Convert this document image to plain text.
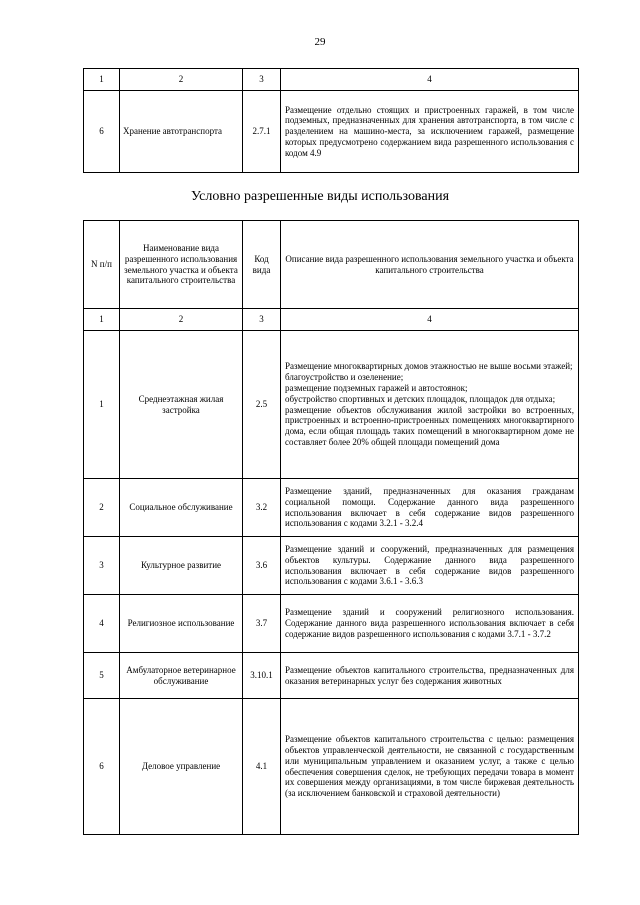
29
1	2	3	4
6	Хранение автотранспорта	2.7.1	Размещение отдельно стоящих и пристроенных гаражей, в том числе подземных, предназначенных для хранения автотранспорта, в том числе с разделением на машино-места, за исключением гаражей, размещение которых предусмотрено содержанием вида разрешенного использования с кодом 4.9
Условно разрешенные виды использования
N п/п	Наименование вида разрешенного использования земельного участка и объекта капитального строительства	Код вида	Описание вида разрешенного использования земельного участка и объекта капитального строительства
1	2	3	4
1	Среднеэтажная жилая застройка	2.5	Размещение многоквартирных домов этажностью не выше восьми этажей;
благоустройство и озеленение;
размещение подземных гаражей и автостоянок;
обустройство спортивных и детских площадок, площадок для отдыха;
размещение объектов обслуживания жилой застройки во встроенных, пристроенных и встроенно-пристроенных помещениях многоквартирного дома, если общая площадь таких помещений в многоквартирном доме не составляет более 20% общей площади помещений дома

2	Социальное обслуживание	3.2	Размещение зданий, предназначенных для оказания гражданам социальной помощи. Содержание данного вида разрешенного использования включает в себя содержание видов разрешенного использования с кодами 3.2.1 - 3.2.4

3	Культурное развитие	3.6	Размещение зданий и сооружений, предназначенных для размещения объектов культуры. Содержание данного вида разрешенного использования включает в себя содержание видов разрешенного использования с кодами 3.6.1 - 3.6.3

4	Религиозное использование	3.7	Размещение зданий и сооружений религиозного использования. Содержание данного вида разрешенного использования включает в себя содержание видов разрешенного использования с кодами 3.7.1 - 3.7.2

5	Амбулаторное ветеринарное обслуживание	3.10.1	Размещение объектов капитального строительства, предназначенных для оказания ветеринарных услуг без содержания животных

6	Деловое управление	4.1	Размещение объектов капитального строительства с целью: размещения объектов управленческой деятельности, не связанной с государственным или муниципальным управлением и оказанием услуг, а также с целью обеспечения совершения сделок, не требующих передачи товара в момент их совершения между организациями, в том числе биржевая деятельность (за исключением банковской и страховой деятельности)
